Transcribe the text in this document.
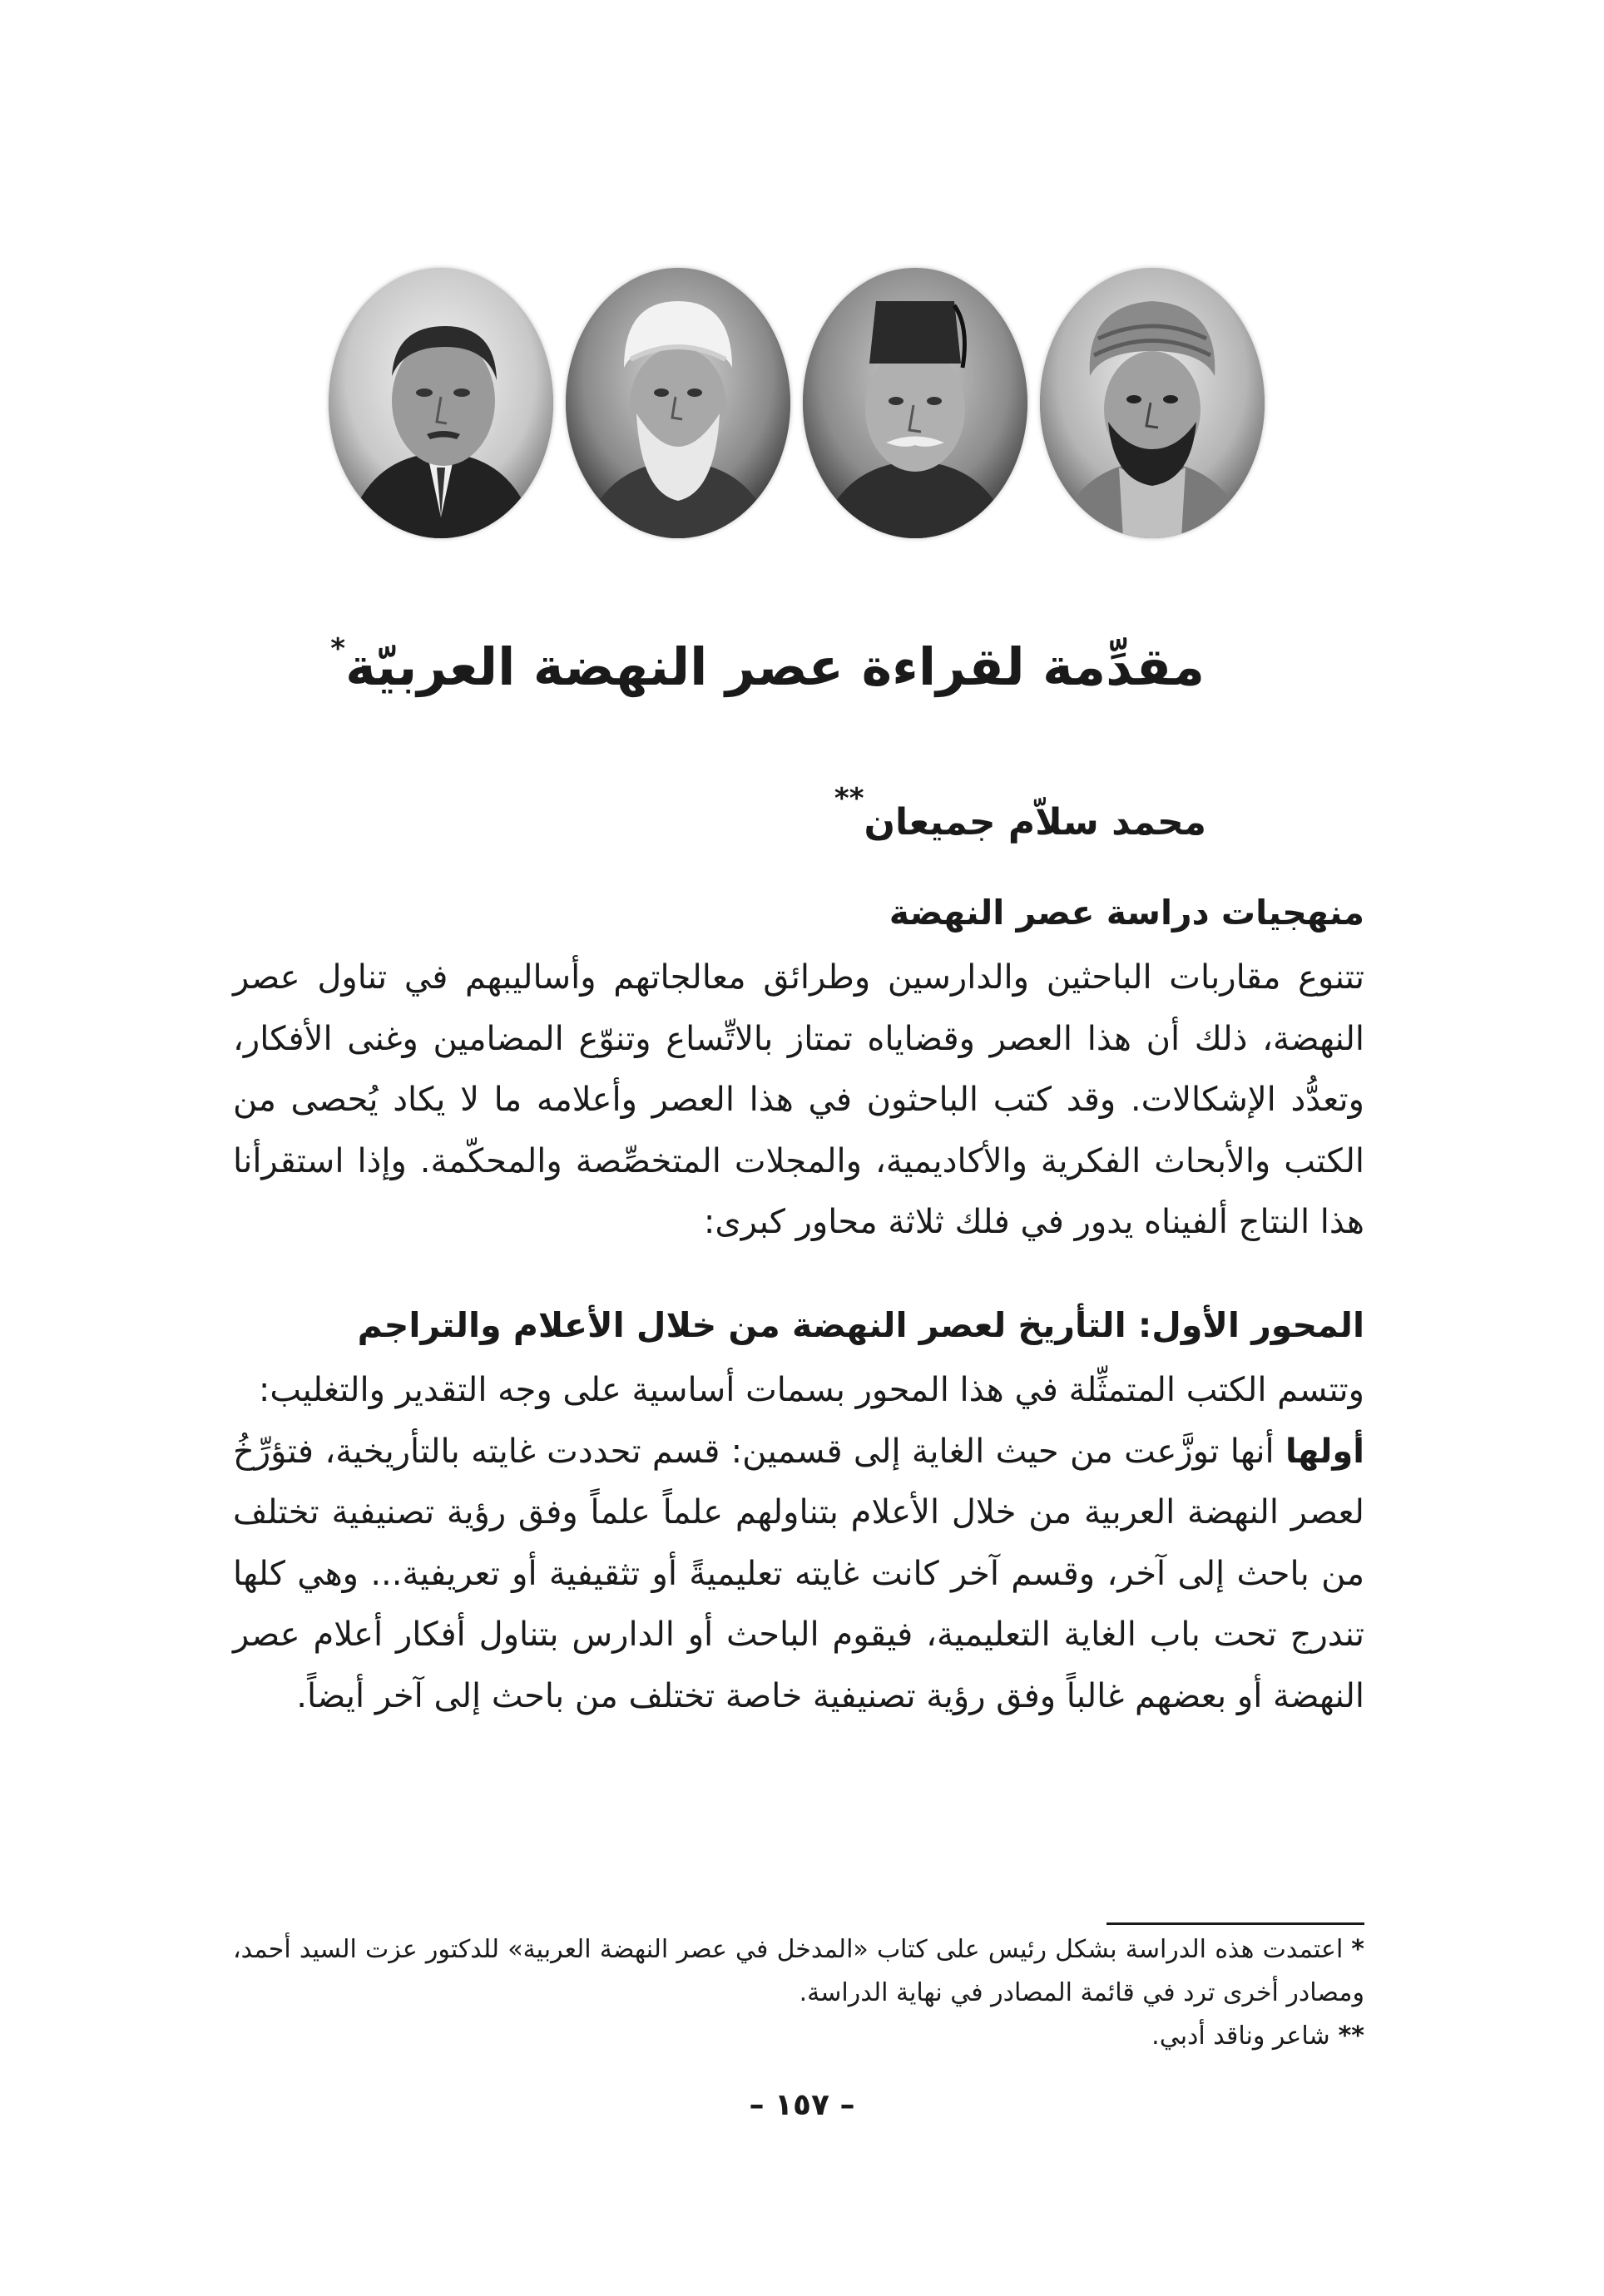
مقدِّمة لقراءة عصر النهضة العربيّة*
محمد سلاّم جميعان**
منهجيات دراسة عصر النهضة

تتنوع مقاربات الباحثين والدارسين وطرائق معالجاتهم وأساليبهم في تناول عصر النهضة، ذلك أن هذا العصر وقضاياه تمتاز بالاتِّساع وتنوّع المضامين وغنى الأفكار، وتعدُّد الإشكالات. وقد كتب الباحثون في هذا العصر وأعلامه ما لا يكاد يُحصى من الكتب والأبحاث الفكرية والأكاديمية، والمجلات المتخصِّصة والمحكّمة. وإذا استقرأنا هذا النتاج ألفيناه يدور في فلك ثلاثة محاور كبرى:

المحور الأول: التأريخ لعصر النهضة من خلال الأعلام والتراجم

وتتسم الكتب المتمثِّلة في هذا المحور بسمات أساسية على وجه التقدير والتغليب:

أولها أنها توزَّعت من حيث الغاية إلى قسمين: قسم تحددت غايته بالتأريخية، فتؤرِّخُ لعصر النهضة العربية من خلال الأعلام بتناولهم علماً علماً وفق رؤية تصنيفية تختلف من باحث إلى آخر، وقسم آخر كانت غايته تعليميةً أو تثقيفية أو تعريفية... وهي كلها تندرج تحت باب الغاية التعليمية، فيقوم الباحث أو الدارس بتناول أفكار أعلام عصر النهضة أو بعضهم غالباً وفق رؤية تصنيفية خاصة تختلف من باحث إلى آخر أيضاً.

*اعتمدت هذه الدراسة بشكل رئيس على كتاب «المدخل في عصر النهضة العربية» للدكتور عزت السيد أحمد، ومصادر أخرى ترد في قائمة المصادر في نهاية الدراسة.

**شاعر وناقد أدبي.

– ١٥٧ –
